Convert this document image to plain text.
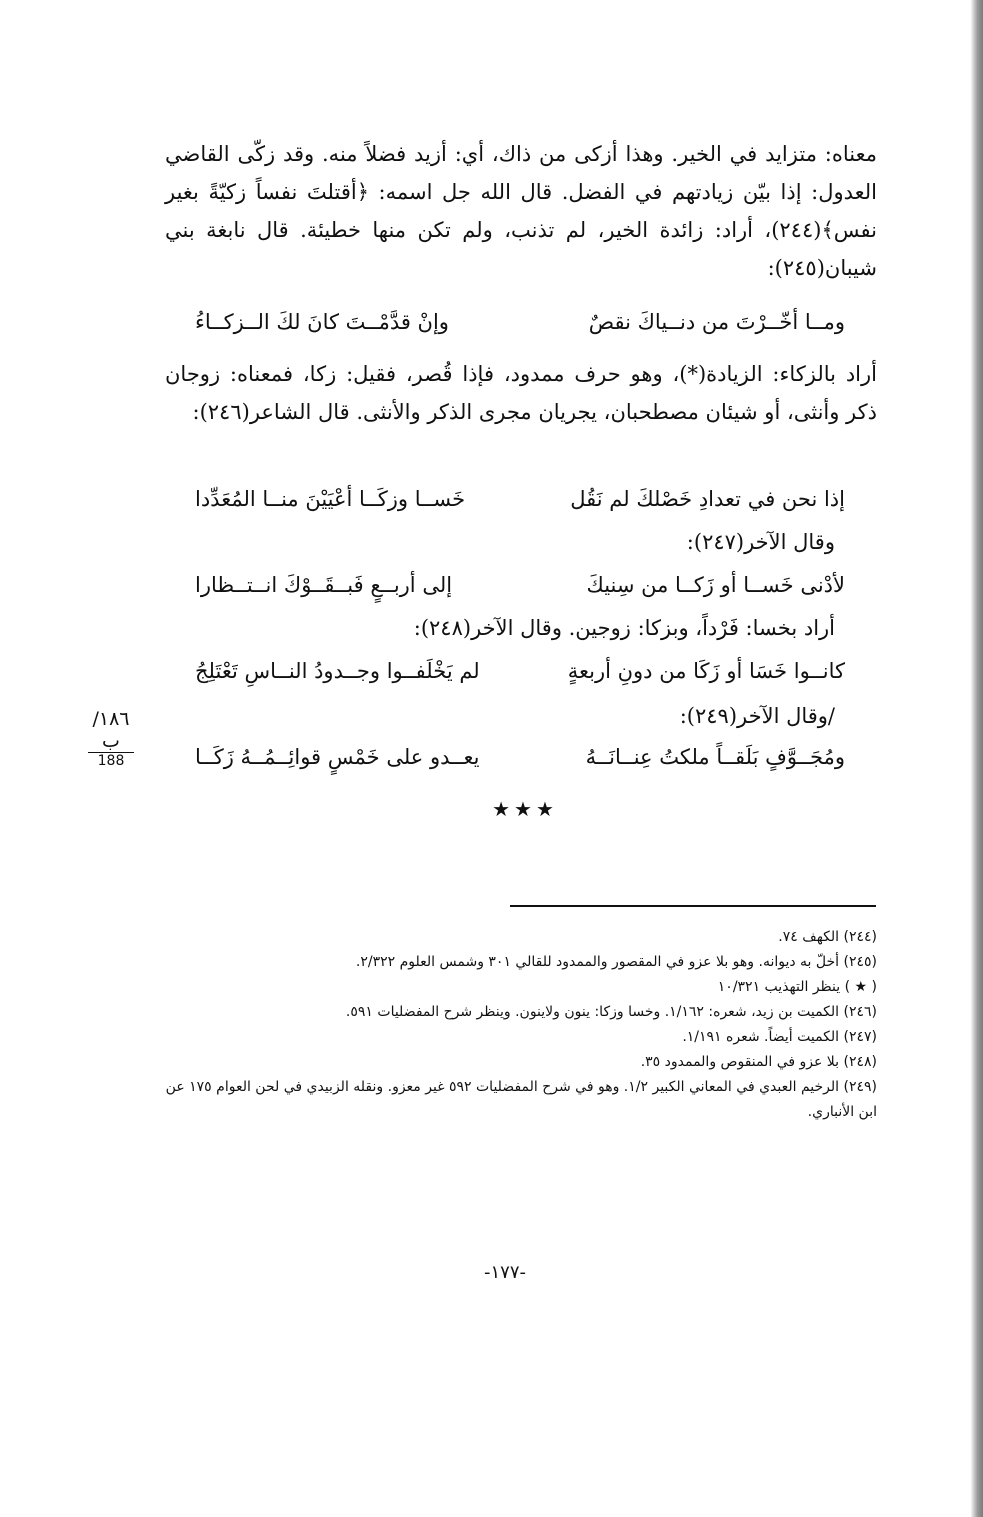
معناه: متزايد في الخير. وهذا أزكى من ذاك، أي: أزيد فضلاً منه. وقد زكّى القاضي العدول: إذا بيّن زيادتهم في الفضل. قال الله جل اسمه: ﴿أقتلتَ نفساً زكيّةً بغير نفس﴾(٢٤٤)، أراد: زائدة الخير، لم تذنب، ولم تكن منها خطيئة. قال نابغة بني شيبان(٢٤٥):

ومــا أخّــرْتَ من دنــياكَ نقصٌ
وإنْ قدَّمْــتَ كانَ لكَ الــزكــاءُ

أراد بالزكاء: الزيادة(*)، وهو حرف ممدود، فإذا قُصر، فقيل: زكا، فمعناه: زوجان ذكر وأنثى، أو شيئان مصطحبان، يجريان مجرى الذكر والأنثى. قال الشاعر(٢٤٦):

إذا نحن في تعدادِ خَصْلكَ لم نَقُل
خَســا وزكَــا أعْيَيْنَ منــا المُعَدِّدا
وقال الآخر(٢٤٧):
لأدْنى خَســا أو زَكــا من سِنيكَ
إلى أربــعٍ فَبــقَــوْكَ انــتــظارا
أراد بخسا: فَرْداً، وبزكا: زوجين. وقال الآخر(٢٤٨):
كانــوا خَسَا أو زَكَا من دونِ أربعةٍ
لم يَخْلَفــوا وجــدودُ النــاسِ تَعْتَلِجُ
/وقال الآخر(٢٤٩):
ومُجَــوَّفٍ بَلَقــاً ملكتُ عِنــانَــهُ
يعــدو على خَمْسٍ قوائِــمُــهُ زَكَــا
١٨٦/ب
188
★★★
(٢٤٤) الكهف ٧٤.
(٢٤٥) أخلّ به ديوانه. وهو بلا عزو في المقصور والممدود للقالي ٣٠١ وشمس العلوم ٢/٣٢٢.
( ★ ) ينظر التهذيب ١٠/٣٢١
(٢٤٦) الكميت بن زيد، شعره: ١/١٦٢. وخسا وزكا: ينون ولاينون. وينظر شرح المفضليات ٥٩١.
(٢٤٧) الكميت أيضاً. شعره ١/١٩١.
(٢٤٨) بلا عزو في المنقوص والممدود ٣٥.
(٢٤٩) الرخيم العبدي في المعاني الكبير ١/٢. وهو في شرح المفضليات ٥٩٢ غير معزو. ونقله الزبيدي في لحن العوام ١٧٥ عن ابن الأنباري.
-١٧٧-
